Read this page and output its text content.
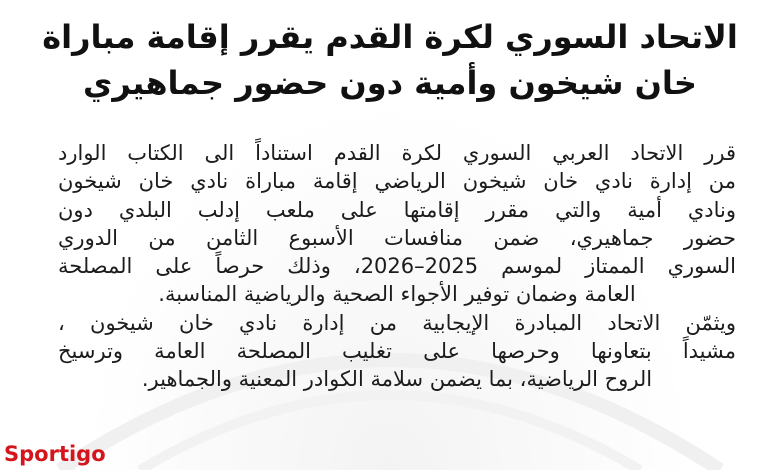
الاتحاد السوري لكرة القدم يقرر إقامة مباراة
خان شيخون وأمية دون حضور جماهيري
قرر الاتحاد العربي السوري لكرة القدم استناداً الى الكتاب الوارد
من إدارة نادي خان شيخون الرياضي إقامة مباراة نادي خان شيخون
ونادي أمية والتي مقرر إقامتها على ملعب إدلب البلدي دون
حضور جماهيري، ضمن منافسات الأسبوع الثامن من الدوري
السوري الممتاز لموسم 2025–2026، وذلك حرصاً على المصلحة
العامة وضمان توفير الأجواء الصحية والرياضية المناسبة.
ويثمّن الاتحاد المبادرة الإيجابية من إدارة نادي خان شيخون ،
مشيداً بتعاونها وحرصها على تغليب المصلحة العامة وترسيخ
الروح الرياضية، بما يضمن سلامة الكوادر المعنية والجماهير.
Sportigo
